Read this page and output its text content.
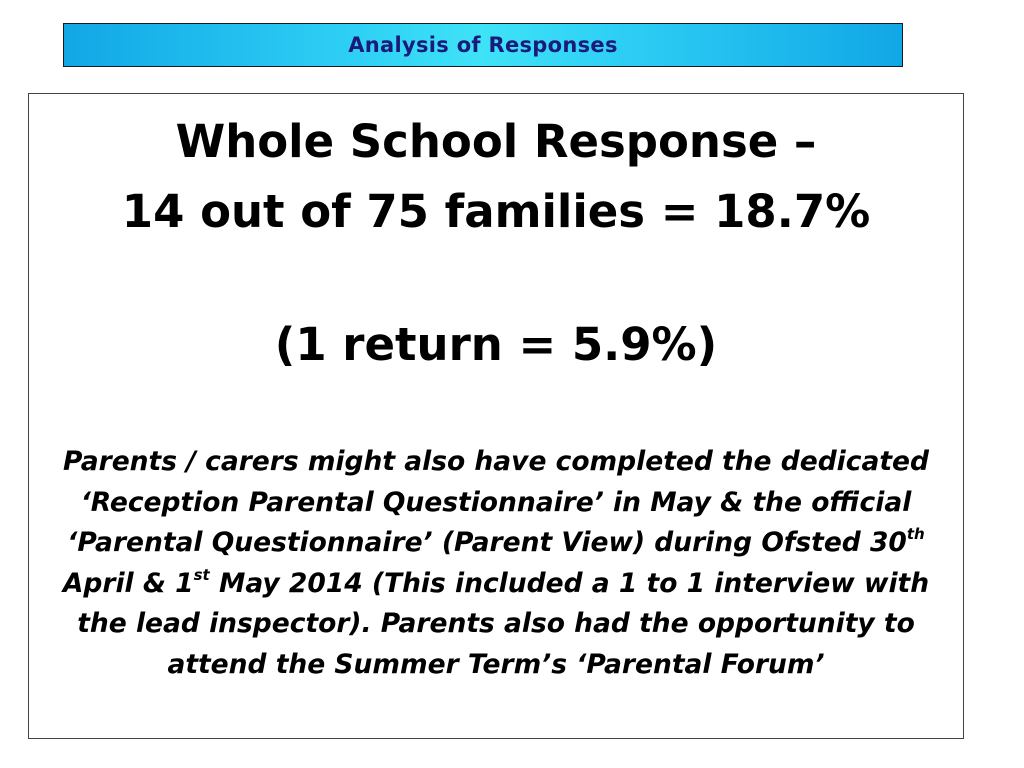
Analysis of Responses

Whole School Response –

14 out of 75 families = 18.7%

(1 return = 5.9%)

Parents / carers might also have completed the dedicated ‘Reception Parental Questionnaire’ in May & the official ‘Parental Questionnaire’ (Parent View) during Ofsted 30th April & 1st May 2014 (This included a 1 to 1 interview with the lead inspector). Parents also had the opportunity to attend the Summer Term’s ‘Parental Forum’
